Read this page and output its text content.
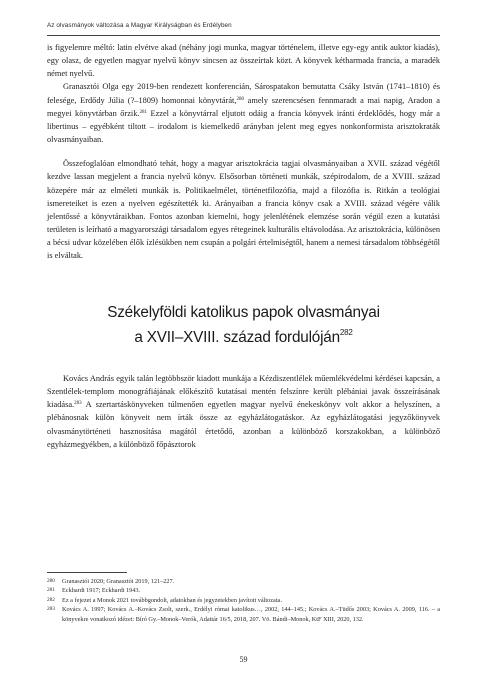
Az olvasmányok változása a Magyar Királyságban és Erdélyben

is figyelemre méltó: latin elvétve akad (néhány jogi munka, magyar történelem, illetve egy-egy antik auktor kiadás), egy olasz, de egyetlen magyar nyelvű könyv sincsen az összeírtak közt. A könyvek kétharmada francia, a maradék német nyelvű.

Granasztói Olga egy 2019-ben rendezett konferencián, Sárospatakon bemutatta Csáky István (1741–1810) és felesége, Erdődy Júlia (?–1809) homonnai könyvtárát,$^{280}$ amely szerencsésen fennmaradt a mai napig, Aradon a megyei könyvtárban őrzik.$^{281}$ Ezzel a könyvtárral eljutott odáig a francia könyvek iránti érdeklődés, hogy már a libertinus – egyébként tiltott – irodalom is kiemelkedő arányban jelent meg egyes nonkonformista arisztokraták olvasmányaiban.

Összefoglalóan elmondható tehát, hogy a magyar arisztokrácia tagjai olvasmányaiban a XVII. század végétől kezdve lassan megjelent a francia nyelvű könyv. Elsősorban történeti munkák, szépirodalom, de a XVIII. század közepére már az elméleti munkák is. Politikaelmélet, történetfilozófia, majd a filozófia is. Ritkán a teológiai ismereteiket is ezen a nyelven egészítették ki. Arányaiban a francia könyv csak a XVIII. század végére válik jelentőssé a könyvtáraikban. Fontos azonban kiemelni, hogy jelenlétének elemzése során végül ezen a kutatási területen is leírható a magyarországi társadalom egyes rétegeinek kulturális eltávolodása. Az arisztokrácia, különösen a bécsi udvar közelében élők ízlésükben nem csupán a polgári értelmiségtől, hanem a nemesi társadalom többségétől is elváltak.

Székelyföldi katolikus papok olvasmányai
a XVII–XVIII. század fordulóján$^{282}$

Kovács András egyik talán legtöbbször kiadott munkája a Kézdiszentlélek műemlékvédelmi kérdései kapcsán, a Szentlélek-templom monográfiájának előkészítő kutatásai mentén felszínre került plébániai javak összeírásának kiadása.$^{283}$ A szertartáskönyveken túlmenően egyetlen magyar nyelvű énekeskönyv volt akkor a helyszínen, a plébánosnak külön könyveit nem írták össze az egyházlátogatáskor. Az egyházlátogatási jegyzőkönyvek olvasmánytörténeti hasznosítása magától értetődő, azonban a különböző korszakokban, a különböző egyházmegyékben, a különböző főpásztorok

280	Granasztói 2020; Granasztói 2019, 121–227.
281	Eckhardt 1917; Eckhardt 1943.
282	Ez a fejezet a Monok 2021 továbbgondolt, adatokban és jegyzetekben javított változata.
283	Kovács A. 1997; Kovács A.–Kovács Zsolt, szerk., Erdélyi római katolikus…, 2002, 144–145.; Kovács A.–Tüdős 2003; Kovács A. 2009, 116. – a könyvekre vonatkozó idézet: Bíró Gy.–Monok–Verók, Adattár 16/5, 2018, 207. Vö. Bándi–Monok, KtF XIII, 2020, 132.
59
